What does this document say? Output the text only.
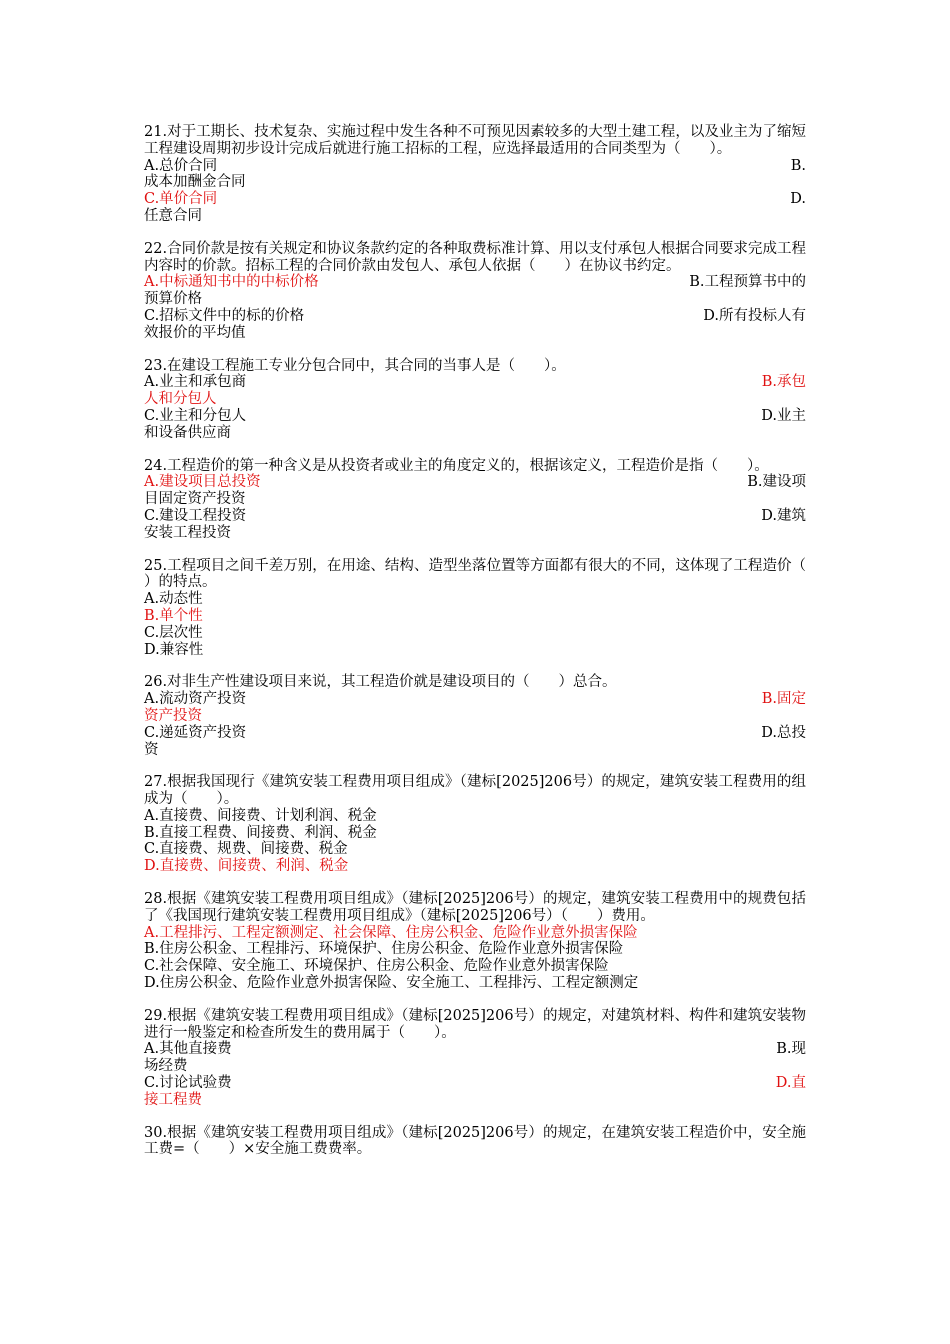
21.对于工期长、技术复杂、实施过程中发生各种不可预见因素较多的大型土建工程，以及业主为了缩短工程建设周期初步设计完成后就进行施工招标的工程，应选择最适用的合同类型为（　　）。
B.
A.总价合同
成本加酬金合同
D.
C.单价合同
任意合同
22.合同价款是按有关规定和协议条款约定的各种取费标准计算、用以支付承包人根据合同要求完成工程内容时的价款。招标工程的合同价款由发包人、承包人依据（　　）在协议书约定。
B.工程预算书中的
A.中标通知书中的中标价格
预算价格
D.所有投标人有
C.招标文件中的标的价格
效报价的平均值
23.在建设工程施工专业分包合同中，其合同的当事人是（　　）。
B.承包
A.业主和承包商
人和分包人
D.业主
C.业主和分包人
和设备供应商
24.工程造价的第一种含义是从投资者或业主的角度定义的，根据该定义，工程造价是指（　　）。
B.建设项
A.建设项目总投资
目固定资产投资
D.建筑
C.建设工程投资
安装工程投资
25.工程项目之间千差万别，在用途、结构、造型坐落位置等方面都有很大的不同，这体现了工程造价（　　）的特点。
A.动态性
B.单个性
C.层次性
D.兼容性
26.对非生产性建设项目来说，其工程造价就是建设项目的（　　）总合。
B.固定
A.流动资产投资
资产投资
D.总投
C.递延资产投资
资
27.根据我国现行《建筑安装工程费用项目组成》（建标[2025]206号）的规定，建筑安装工程费用的组成为（　　）。
A.直接费、间接费、计划利润、税金
B.直接工程费、间接费、利润、税金
C.直接费、规费、间接费、税金
D.直接费、间接费、利润、税金
28.根据《建筑安装工程费用项目组成》（建标[2025]206号）的规定，建筑安装工程费用中的规费包括了《我国现行建筑安装工程费用项目组成》（建标[2025]206号）（　　）费用。
A.工程排污、工程定额测定、社会保障、住房公积金、危险作业意外损害保险
B.住房公积金、工程排污、环境保护、住房公积金、危险作业意外损害保险
C.社会保障、安全施工、环境保护、住房公积金、危险作业意外损害保险
D.住房公积金、危险作业意外损害保险、安全施工、工程排污、工程定额测定
29.根据《建筑安装工程费用项目组成》（建标[2025]206号）的规定，对建筑材料、构件和建筑安装物进行一般鉴定和检查所发生的费用属于（　　）。
B.现
A.其他直接费
场经费
D.直
C.讨论试验费
接工程费
30.根据《建筑安装工程费用项目组成》（建标[2025]206号）的规定，在建筑安装工程造价中，安全施工费=（　　）×安全施工费费率。
